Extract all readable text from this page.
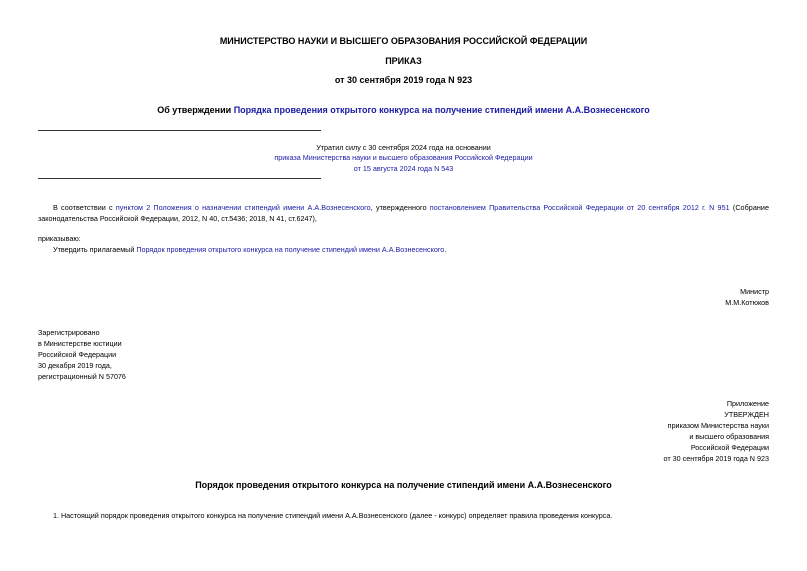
МИНИСТЕРСТВО НАУКИ И ВЫСШЕГО ОБРАЗОВАНИЯ РОССИЙСКОЙ ФЕДЕРАЦИИ
ПРИКАЗ
от 30 сентября 2019 года N 923
Об утверждении Порядка проведения открытого конкурса на получение стипендий имени А.А.Вознесенского
Утратил силу с 30 сентября 2024 года на основании
приказа Министерства науки и высшего образования Российской Федерации
от 15 августа 2024 года N 543
В соответствии с пунктом 2 Положения о назначении стипендий имени А.А.Вознесенского, утвержденного постановлением Правительства Российской Федерации от 20 сентября 2012 г. N 951 (Собрание
законодательства Российской Федерации, 2012, N 40, ст.5436; 2018, N 41, ст.6247),
приказываю:
Утвердить прилагаемый Порядок проведения открытого конкурса на получение стипендий имени А.А.Вознесенского.
Министр
М.М.Котюков
Зарегистрировано
в Министерстве юстиции
Российской Федерации
30 декабря 2019 года,
регистрационный N 57076
Приложение
УТВЕРЖДЕН
приказом Министерства науки
и высшего образования
Российской Федерации
от 30 сентября 2019 года N 923
Порядок проведения открытого конкурса на получение стипендий имени А.А.Вознесенского
1. Настоящий порядок проведения открытого конкурса на получение стипендий имени А.А.Вознесенского (далее - конкурс) определяет правила проведения конкурса.
